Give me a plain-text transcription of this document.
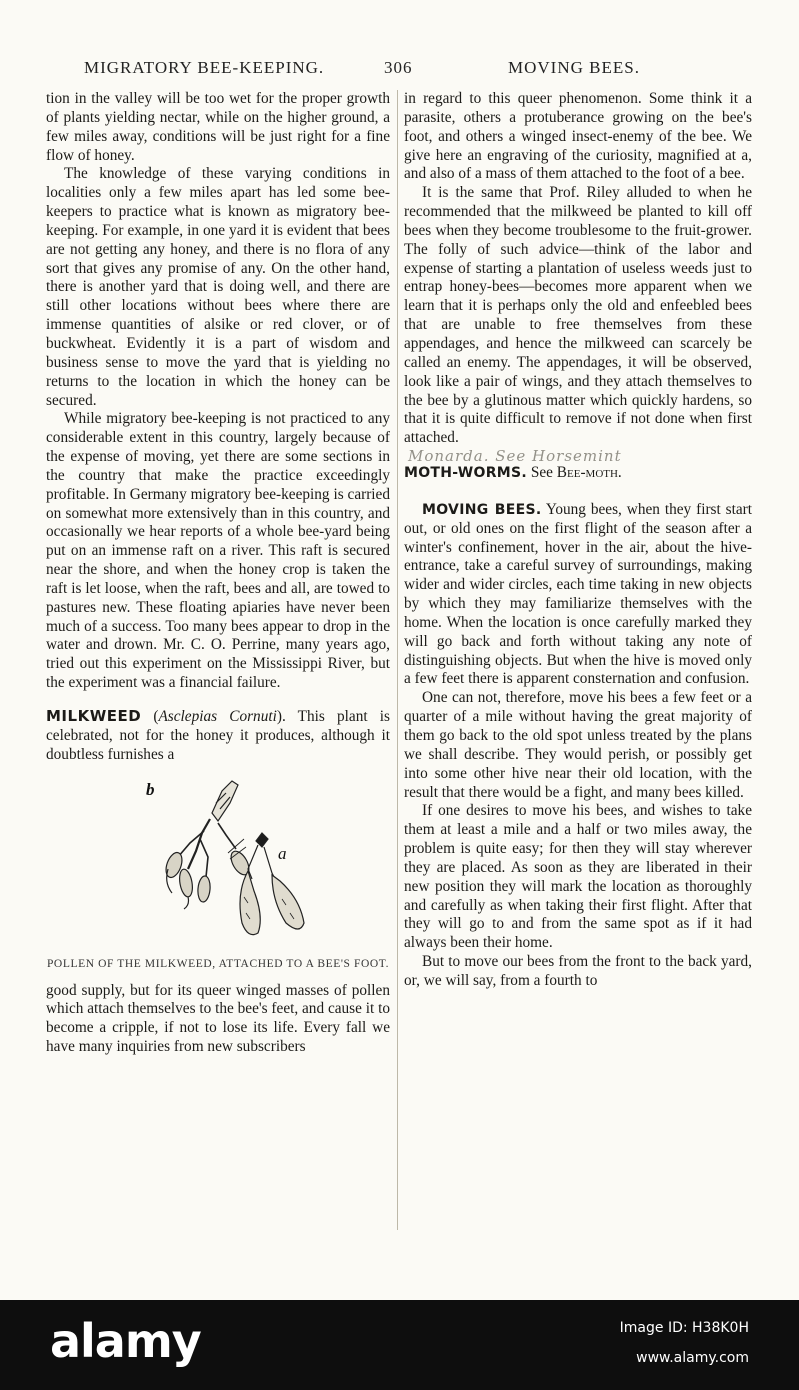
MIGRATORY BEE-KEEPING.	306	MOVING BEES.

tion in the valley will be too wet for the proper growth of plants yielding nectar, while on the higher ground, a few miles away, conditions will be just right for a fine flow of honey.

The knowledge of these varying conditions in localities only a few miles apart has led some bee-keepers to practice what is known as migratory bee-keeping. For example, in one yard it is evident that bees are not getting any honey, and there is no flora of any sort that gives any promise of any. On the other hand, there is another yard that is doing well, and there are still other locations without bees where there are immense quantities of alsike or red clover, or of buckwheat. Evidently it is a part of wisdom and business sense to move the yard that is yielding no returns to the location in which the honey can be secured.

While migratory bee-keeping is not practiced to any considerable extent in this country, largely because of the expense of moving, yet there are some sections in the country that make the practice exceedingly profitable. In Germany migratory bee-keeping is carried on somewhat more extensively than in this country, and occasionally we hear reports of a whole bee-yard being put on an immense raft on a river. This raft is secured near the shore, and when the honey crop is taken the raft is let loose, when the raft, bees and all, are towed to pastures new. These floating apiaries have never been much of a success. Too many bees appear to drop in the water and drown. Mr. C. O. Perrine, many years ago, tried out this experiment on the Mississippi River, but the experiment was a financial failure.

MILKWEED (Asclepias Cornuti). This plant is celebrated, not for the honey it produces, although it doubtless furnishes a

b
a
POLLEN OF THE MILKWEED, ATTACHED TO A BEE'S FOOT.

good supply, but for its queer winged masses of pollen which attach themselves to the bee's feet, and cause it to become a cripple, if not to lose its life. Every fall we have many inquiries from new subscribers

in regard to this queer phenomenon. Some think it a parasite, others a protuberance growing on the bee's foot, and others a winged insect-enemy of the bee. We give here an engraving of the curiosity, magnified at a, and also of a mass of them attached to the foot of a bee.

It is the same that Prof. Riley alluded to when he recommended that the milkweed be planted to kill off bees when they become troublesome to the fruit-grower. The folly of such advice—think of the labor and expense of starting a plantation of useless weeds just to entrap honey-bees—becomes more apparent when we learn that it is perhaps only the old and enfeebled bees that are unable to free themselves from these appendages, and hence the milkweed can scarcely be called an enemy. The appendages, it will be observed, look like a pair of wings, and they attach themselves to the bee by a glutinous matter which quickly hardens, so that it is quite difficult to remove if not done when first attached.

Monarda. See Horsemint

MOTH-WORMS. See Bee-moth.

MOVING BEES. Young bees, when they first start out, or old ones on the first flight of the season after a winter's confinement, hover in the air, about the hive-entrance, take a careful survey of surroundings, making wider and wider circles, each time taking in new objects by which they may familiarize themselves with the home. When the location is once carefully marked they will go back and forth without taking any note of distinguishing objects. But when the hive is moved only a few feet there is apparent consternation and confusion.

One can not, therefore, move his bees a few feet or a quarter of a mile without having the great majority of them go back to the old spot unless treated by the plans we shall describe. They would perish, or possibly get into some other hive near their old location, with the result that there would be a fight, and many bees killed.

If one desires to move his bees, and wishes to take them at least a mile and a half or two miles away, the problem is quite easy; for then they will stay wherever they are placed. As soon as they are liberated in their new position they will mark the location as thoroughly and carefully as when taking their first flight. After that they will go to and from the same spot as if it had always been their home.

But to move our bees from the front to the back yard, or, we will say, from a fourth to

alamy	Image ID: H38K0H
www.alamy.com
